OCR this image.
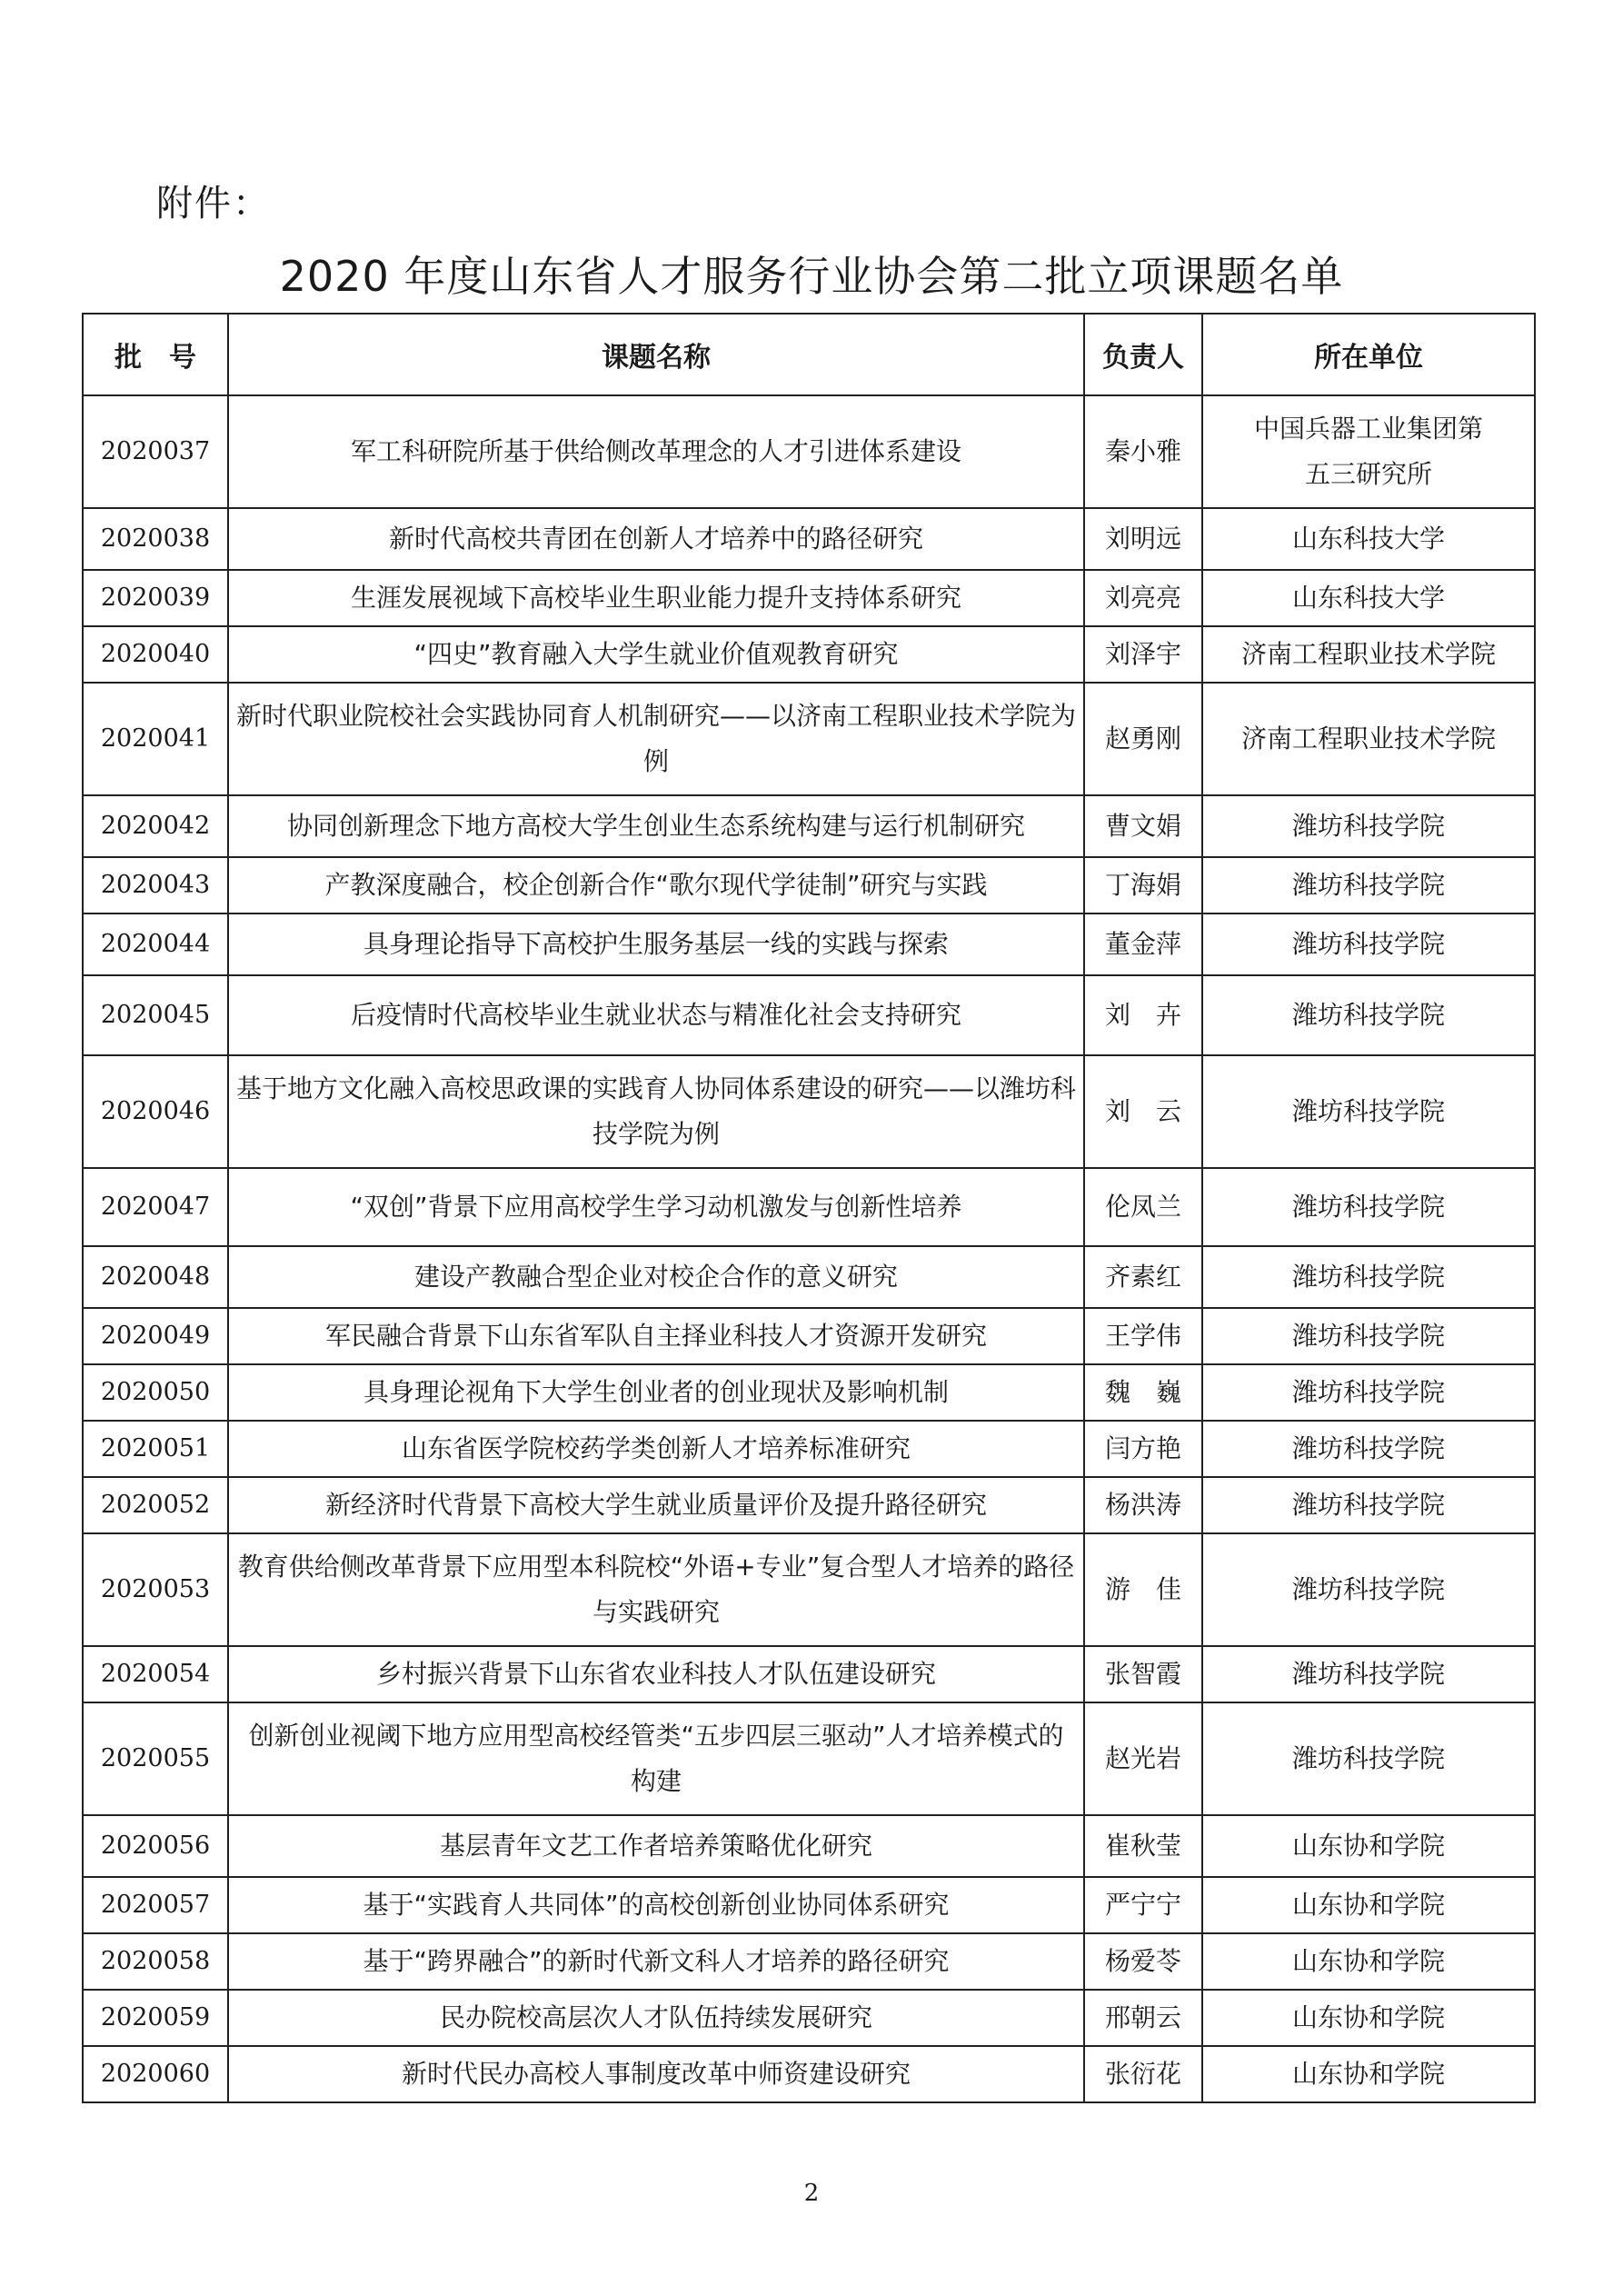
附件：
2020 年度山东省人才服务行业协会第二批立项课题名单
批　号	课题名称	负责人	所在单位
2020037	军工科研院所基于供给侧改革理念的人才引进体系建设	秦小雅	中国兵器工业集团第五三研究所
2020038	新时代高校共青团在创新人才培养中的路径研究	刘明远	山东科技大学
2020039	生涯发展视域下高校毕业生职业能力提升支持体系研究	刘亮亮	山东科技大学
2020040	“四史”教育融入大学生就业价值观教育研究	刘泽宇	济南工程职业技术学院
2020041	新时代职业院校社会实践协同育人机制研究——以济南工程职业技术学院为例	赵勇刚	济南工程职业技术学院
2020042	协同创新理念下地方高校大学生创业生态系统构建与运行机制研究	曹文娟	潍坊科技学院
2020043	产教深度融合，校企创新合作“歌尔现代学徒制”研究与实践	丁海娟	潍坊科技学院
2020044	具身理论指导下高校护生服务基层一线的实践与探索	董金萍	潍坊科技学院
2020045	后疫情时代高校毕业生就业状态与精准化社会支持研究	刘　卉	潍坊科技学院
2020046	基于地方文化融入高校思政课的实践育人协同体系建设的研究——以潍坊科技学院为例	刘　云	潍坊科技学院
2020047	“双创”背景下应用高校学生学习动机激发与创新性培养	伦凤兰	潍坊科技学院
2020048	建设产教融合型企业对校企合作的意义研究	齐素红	潍坊科技学院
2020049	军民融合背景下山东省军队自主择业科技人才资源开发研究	王学伟	潍坊科技学院
2020050	具身理论视角下大学生创业者的创业现状及影响机制	魏　巍	潍坊科技学院
2020051	山东省医学院校药学类创新人才培养标准研究	闫方艳	潍坊科技学院
2020052	新经济时代背景下高校大学生就业质量评价及提升路径研究	杨洪涛	潍坊科技学院
2020053	教育供给侧改革背景下应用型本科院校“外语+专业”复合型人才培养的路径与实践研究	游　佳	潍坊科技学院
2020054	乡村振兴背景下山东省农业科技人才队伍建设研究	张智霞	潍坊科技学院
2020055	创新创业视阈下地方应用型高校经管类“五步四层三驱动”人才培养模式的构建	赵光岩	潍坊科技学院
2020056	基层青年文艺工作者培养策略优化研究	崔秋莹	山东协和学院
2020057	基于“实践育人共同体”的高校创新创业协同体系研究	严宁宁	山东协和学院
2020058	基于“跨界融合”的新时代新文科人才培养的路径研究	杨爱苓	山东协和学院
2020059	民办院校高层次人才队伍持续发展研究	邢朝云	山东协和学院
2020060	新时代民办高校人事制度改革中师资建设研究	张衍花	山东协和学院
2
